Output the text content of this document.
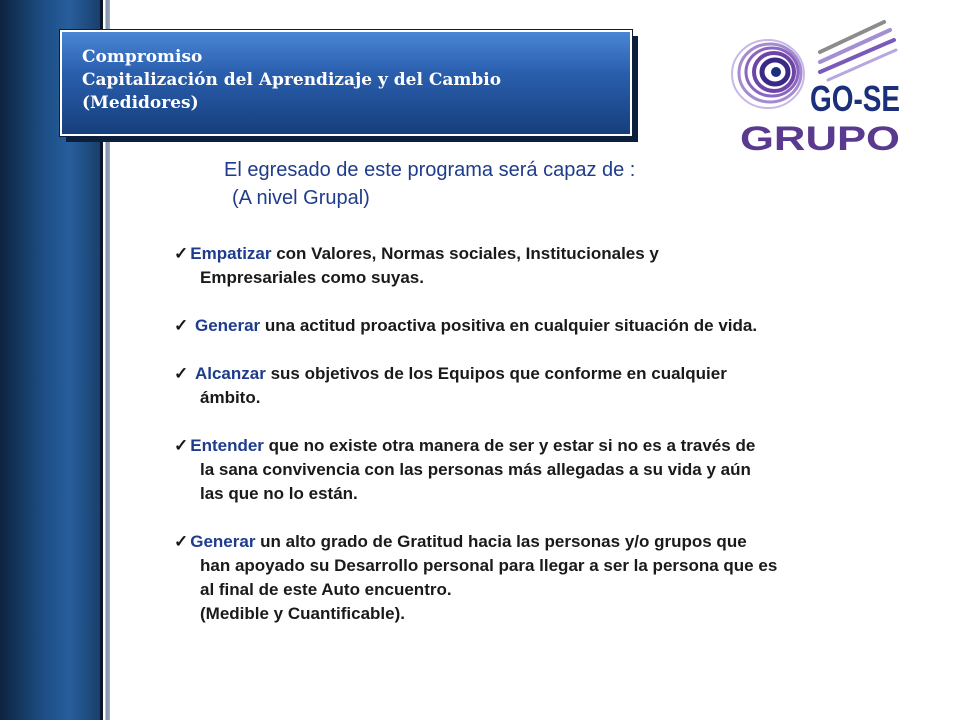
Compromiso
Capitalización del Aprendizaje y del Cambio
(Medidores)	GO-SE
GRUPO
El egresado de este programa será capaz de :
(A nivel Grupal)
✓ Empatizar con Valores, Normas sociales, Institucionales y
Empresariales como suyas.
✓ Generar una actitud proactiva positiva en cualquier situación de vida.
✓ Alcanzar sus objetivos de los Equipos que conforme en cualquier
ámbito.
✓ Entender que no existe otra manera de ser y estar si no es a través de
la sana convivencia con las personas más allegadas a su vida y aún
las que no lo están.
✓ Generar un alto grado de Gratitud hacia las personas y/o grupos que
han apoyado su Desarrollo personal para llegar a ser la persona que es
al final de este Auto encuentro.
(Medible y Cuantificable).
